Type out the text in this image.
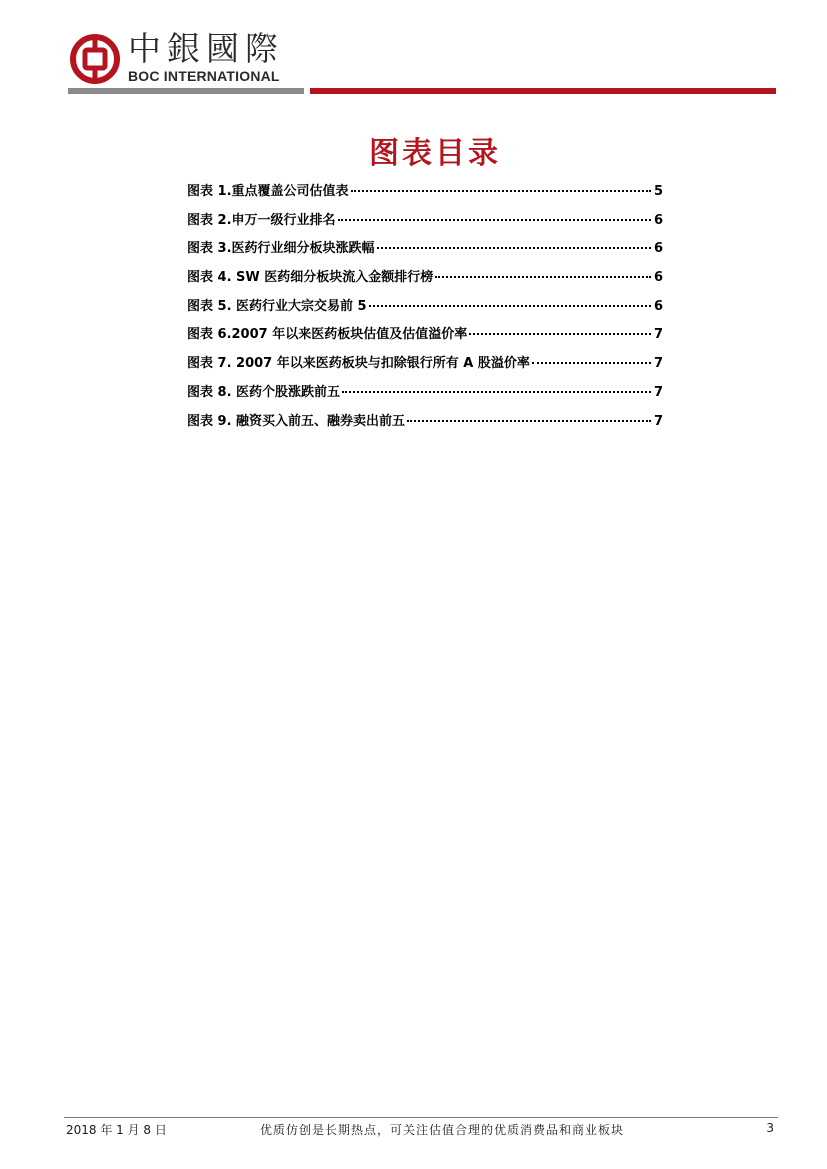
中銀國際
BOC INTERNATIONAL
图表目录
图表 1.重点覆盖公司估值表	5
图表 2.申万一级行业排名	6
图表 3.医药行业细分板块涨跌幅	6
图表 4. SW 医药细分板块流入金额排行榜	6
图表 5. 医药行业大宗交易前 5	6
图表 6.2007 年以来医药板块估值及估值溢价率	7
图表 7. 2007 年以来医药板块与扣除银行所有 A 股溢价率	7
图表 8. 医药个股涨跌前五	7
图表 9. 融资买入前五、融券卖出前五	7
2018 年 1 月 8 日	优质仿创是长期热点，可关注估值合理的优质消费品和商业板块	3
